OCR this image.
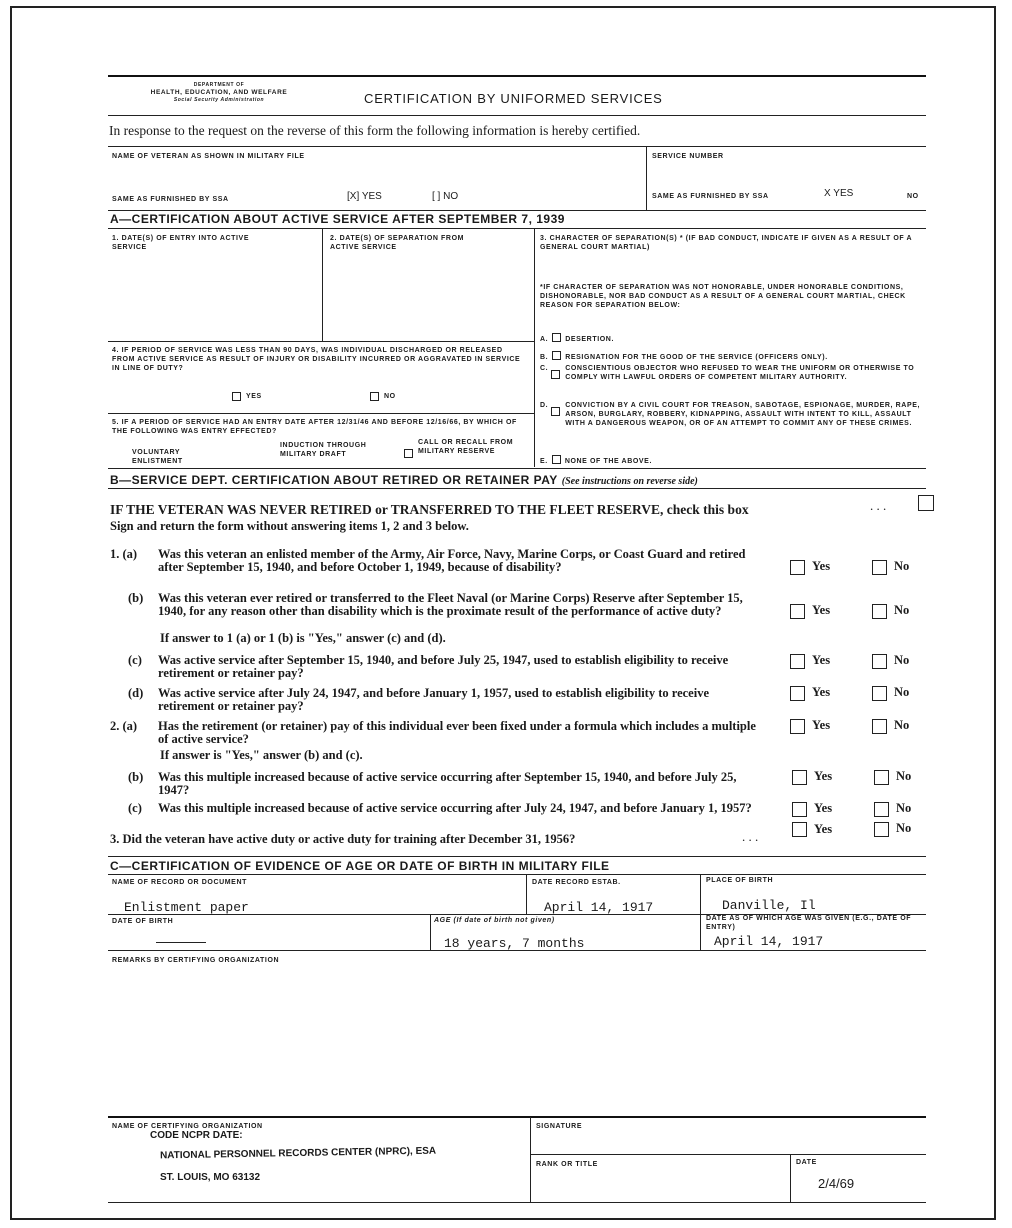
DEPARTMENT OF
HEALTH, EDUCATION, AND WELFARE
Social Security Administration	CERTIFICATION BY UNIFORMED SERVICES
In response to the request on the reverse of this form the following information is hereby certified.
NAME OF VETERAN AS SHOWN IN MILITARY FILE	SERVICE NUMBER
SAME AS FURNISHED BY SSA	[X] YES	[ ] NO	SAME AS FURNISHED BY SSA	X YES	NO
A—CERTIFICATION ABOUT ACTIVE SERVICE AFTER SEPTEMBER 7, 1939
1. DATE(S) OF ENTRY INTO ACTIVE SERVICE
2. DATE(S) OF SEPARATION FROM ACTIVE SERVICE
3. CHARACTER OF SEPARATION(S) * (IF BAD CONDUCT, INDICATE IF GIVEN AS A RESULT OF A GENERAL COURT MARTIAL)
*IF CHARACTER OF SEPARATION WAS NOT HONORABLE, UNDER HONORABLE CONDITIONS, DISHONORABLE, NOR BAD CONDUCT AS A RESULT OF A GENERAL COURT MARTIAL, CHECK REASON FOR SEPARATION BELOW:
A. DESERTION.
B. RESIGNATION FOR THE GOOD OF THE SERVICE (OFFICERS ONLY).
C. CONSCIENTIOUS OBJECTOR WHO REFUSED TO WEAR THE UNIFORM OR OTHERWISE TO COMPLY WITH LAWFUL ORDERS OF COMPETENT MILITARY AUTHORITY.
D. CONVICTION BY A CIVIL COURT FOR TREASON, SABOTAGE, ESPIONAGE, MURDER, RAPE, ARSON, BURGLARY, ROBBERY, KIDNAPPING, ASSAULT WITH INTENT TO KILL, ASSAULT WITH A DANGEROUS WEAPON, OR OF AN ATTEMPT TO COMMIT ANY OF THESE CRIMES.
E. NONE OF THE ABOVE.
4. IF PERIOD OF SERVICE WAS LESS THAN 90 DAYS, WAS INDIVIDUAL DISCHARGED OR RELEASED FROM ACTIVE SERVICE AS RESULT OF INJURY OR DISABILITY INCURRED OR AGGRAVATED IN SERVICE IN LINE OF DUTY?
YES	NO
5. IF A PERIOD OF SERVICE HAD AN ENTRY DATE AFTER 12/31/46 AND BEFORE 12/16/66, BY WHICH OF THE FOLLOWING WAS ENTRY EFFECTED?
VOLUNTARY ENLISTMENT
INDUCTION THROUGH MILITARY DRAFT
CALL OR RECALL FROM MILITARY RESERVE
B—SERVICE DEPT. CERTIFICATION ABOUT RETIRED OR RETAINER PAY (See instructions on reverse side)
IF THE VETERAN WAS NEVER RETIRED or TRANSFERRED TO THE FLEET RESERVE, check this box	. . .
Sign and return the form without answering items 1, 2 and 3 below.
1. (a) Was this veteran an enlisted member of the Army, Air Force, Navy, Marine Corps, or Coast Guard and retired after September 15, 1940, and before October 1, 1949, because of disability?	Yes	No
(b) Was this veteran ever retired or transferred to the Fleet Naval (or Marine Corps) Reserve after September 15, 1940, for any reason other than disability which is the proximate result of the performance of active duty?	Yes	No
If answer to 1 (a) or 1 (b) is "Yes," answer (c) and (d).
(c) Was active service after September 15, 1940, and before July 25, 1947, used to establish eligibility to receive retirement or retainer pay?
Yes	No
(d) Was active service after July 24, 1947, and before January 1, 1957, used to establish eligibility to receive retirement or retainer pay?
Yes	No
2. (a) Has the retirement (or retainer) pay of this individual ever been fixed under a formula which includes a multiple of active service?
Yes	No
If answer is "Yes," answer (b) and (c).
(b) Was this multiple increased because of active service occurring after September 15, 1940, and before July 25, 1947?
Yes	No
(c) Was this multiple increased because of active service occurring after July 24, 1947, and before January 1, 1957?	Yes	No
3. Did the veteran have active duty or active duty for training after December 31, 1956?	. . .	Yes	No
C—CERTIFICATION OF EVIDENCE OF AGE OR DATE OF BIRTH IN MILITARY FILE
NAME OF RECORD OR DOCUMENT
Enlistment paper
DATE RECORD ESTAB.
April 14, 1917
PLACE OF BIRTH
Danville, Il
DATE OF BIRTH	AGE (If date of birth not given)
18 years, 7 months
DATE AS OF WHICH AGE WAS GIVEN (E.G., DATE OF ENTRY)
April 14, 1917
REMARKS BY CERTIFYING ORGANIZATION
NAME OF CERTIFYING ORGANIZATION
CODE NCPR DATE:
NATIONAL PERSONNEL RECORDS CENTER (NPRC), ESA
ST. LOUIS, MO 63132
SIGNATURE
RANK OR TITLE	DATE
2/4/69
